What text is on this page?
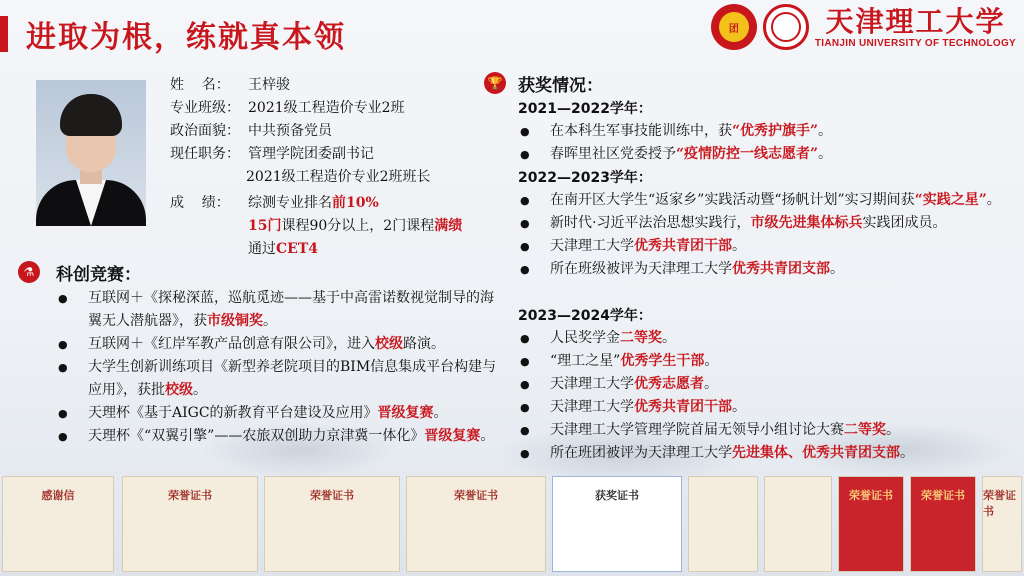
进取为根，练就真本领	团	天津理工大学
TIANJIN UNIVERSITY OF TECHNOLOGY
姓    名：	王梓骏
专业班级： 2021级工程造价专业2班
政治面貌： 中共预备党员
现任职务： 管理学院团委副书记
2021级工程造价专业2班班长
成    绩：	综测专业排名前10%
15门课程90分以上，2门课程满绩
通过CET4
⚗	科创竞赛：
● 互联网＋《探秘深蓝，巡航觅迹——基于中高雷诺数视觉制导的海翼无人潜航器》，获市级铜奖。
● 互联网＋《红岸军教产品创意有限公司》，进入校级路演。
● 大学生创新训练项目《新型养老院项目的BIM信息集成平台构建与应用》，获批校级。
● 天理杯《基于AIGC的新教育平台建设及应用》晋级复赛。
● 天理杯《“双翼引擎”——农旅双创助力京津冀一体化》晋级复赛。
🏆 获奖情况：
2021—2022学年：
● 在本科生军事技能训练中，获“优秀护旗手”。
● 春晖里社区党委授予“疫情防控一线志愿者”。
2022—2023学年：
● 在南开区大学生“返家乡”实践活动暨“扬帆计划”实习期间获“实践之星”。
● 新时代·习近平法治思想实践行，市级先进集体标兵实践团成员。
● 天津理工大学优秀共青团干部。
● 所在班级被评为天津理工大学优秀共青团支部。
2023—2024学年：
● 人民奖学金二等奖。
● “理工之星”优秀学生干部。
● 天津理工大学优秀志愿者。
● 天津理工大学优秀共青团干部。
● 天津理工大学管理学院首届无领导小组讨论大赛二等奖。
● 所在班团被评为天津理工大学先进集体、优秀共青团支部。
感谢信	荣誉证书	荣誉证书	荣誉证书	获奖证书	荣誉证书	荣誉证书	荣誉证书
